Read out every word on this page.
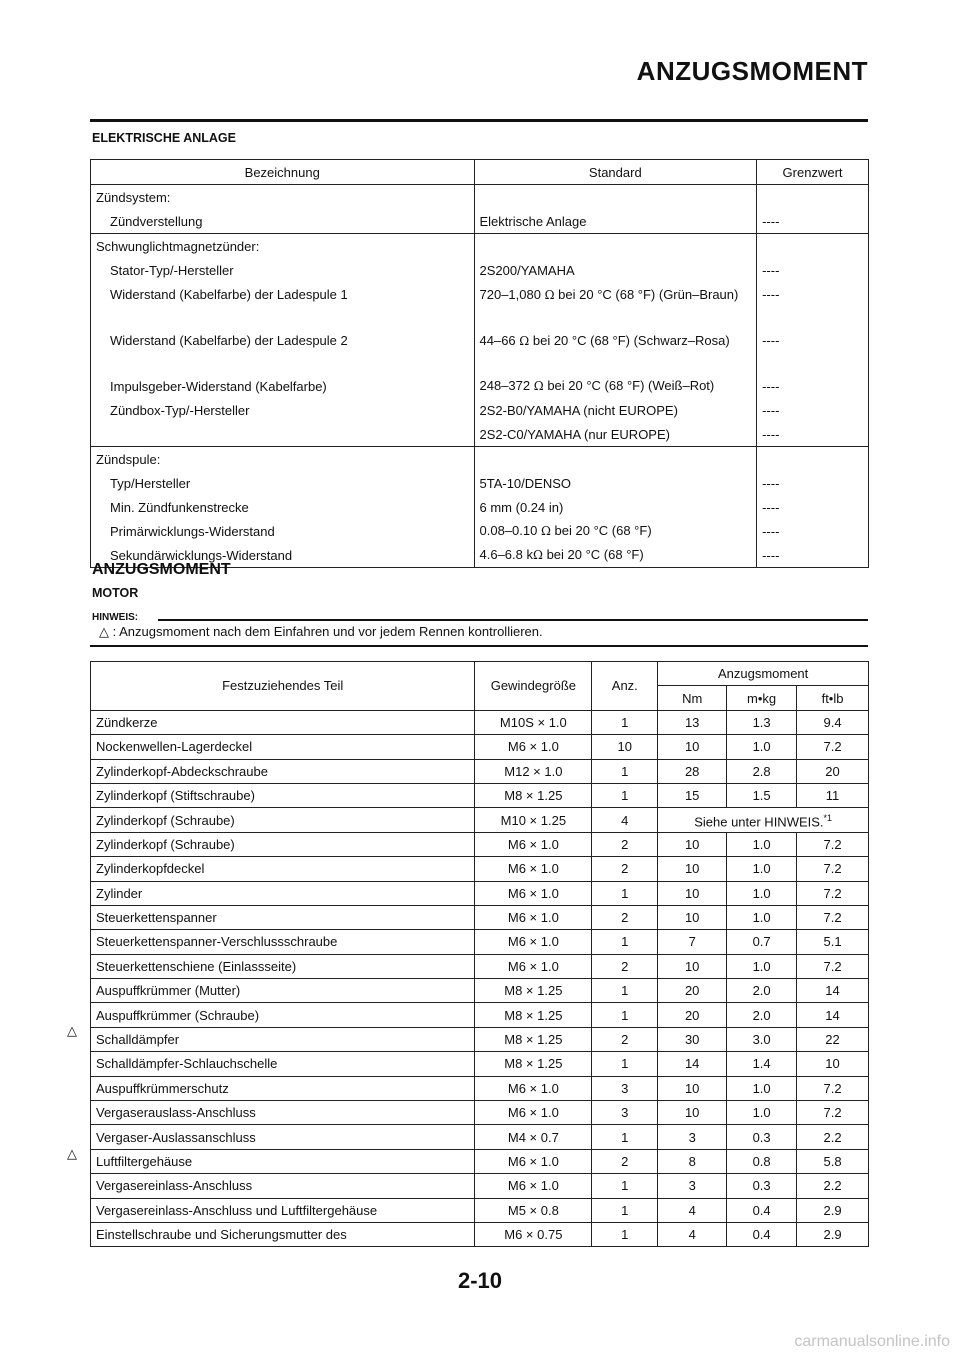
ANZUGSMOMENT
ELEKTRISCHE ANLAGE
Bezeichnung	Standard	Grenzwert
Zündsystem:		
Zündverstellung	Elektrische Anlage	----
Schwunglichtmagnetzünder:		
Stator-Typ/-Hersteller	2S200/YAMAHA	----
Widerstand (Kabelfarbe) der Ladespule 1	720–1,080 Ω bei 20 °C (68 °F) (Grün–Braun)	----
Widerstand (Kabelfarbe) der Ladespule 2	44–66 Ω bei 20 °C (68 °F) (Schwarz–Rosa)	----
Impulsgeber-Widerstand (Kabelfarbe)	248–372 Ω bei 20 °C (68 °F) (Weiß–Rot)	----
Zündbox-Typ/-Hersteller	2S2-B0/YAMAHA (nicht EUROPE)	----
	2S2-C0/YAMAHA (nur EUROPE)	----
Zündspule:		
Typ/Hersteller	5TA-10/DENSO	----
Min. Zündfunkenstrecke	6 mm (0.24 in)	----
Primärwicklungs-Widerstand	0.08–0.10 Ω bei 20 °C (68 °F)	----
Sekundärwicklungs-Widerstand	4.6–6.8 kΩ bei 20 °C (68 °F)	----
ANZUGSMOMENT
MOTOR
HINWEIS:
△ : Anzugsmoment nach dem Einfahren und vor jedem Rennen kontrollieren.
Festzuziehendes Teil	Gewindegröße	Anz.	Anzugsmoment		
			Nm	m•kg	ft•lb
Zündkerze	M10S × 1.0	1	13	1.3	9.4
Nockenwellen-Lagerdeckel	M6 × 1.0	10	10	1.0	7.2
Zylinderkopf-Abdeckschraube	M12 × 1.0	1	28	2.8	20
Zylinderkopf (Stiftschraube)	M8 × 1.25	1	15	1.5	11
Zylinderkopf (Schraube)	M10 × 1.25	4	Siehe unter HINWEIS.$^{*1}$
Zylinderkopf (Schraube)	M6 × 1.0	2	10	1.0	7.2
Zylinderkopfdeckel	M6 × 1.0	2	10	1.0	7.2
Zylinder	M6 × 1.0	1	10	1.0	7.2
Steuerkettenspanner	M6 × 1.0	2	10	1.0	7.2
Steuerkettenspanner-Verschlussschraube	M6 × 1.0	1	7	0.7	5.1
Steuerkettenschiene (Einlassseite)	M6 × 1.0	2	10	1.0	7.2
Auspuffkrümmer (Mutter)	M8 × 1.25	1	20	2.0	14
Auspuffkrümmer (Schraube)	M8 × 1.25	1	20	2.0	14
Schalldämpfer	M8 × 1.25	2	30	3.0	22
Schalldämpfer-Schlauchschelle	M8 × 1.25	1	14	1.4	10
Auspuffkrümmerschutz	M6 × 1.0	3	10	1.0	7.2
Vergaserauslass-Anschluss	M6 × 1.0	3	10	1.0	7.2
Vergaser-Auslassanschluss	M4 × 0.7	1	3	0.3	2.2
Luftfiltergehäuse	M6 × 1.0	2	8	0.8	5.8
Vergasereinlass-Anschluss	M6 × 1.0	1	3	0.3	2.2
Vergasereinlass-Anschluss und Luftfiltergehäuse	M5 × 0.8	1	4	0.4	2.9
Einstellschraube und Sicherungsmutter des	M6 × 0.75	1	4	0.4	2.9
△
△
2-10
carmanualsonline.info
